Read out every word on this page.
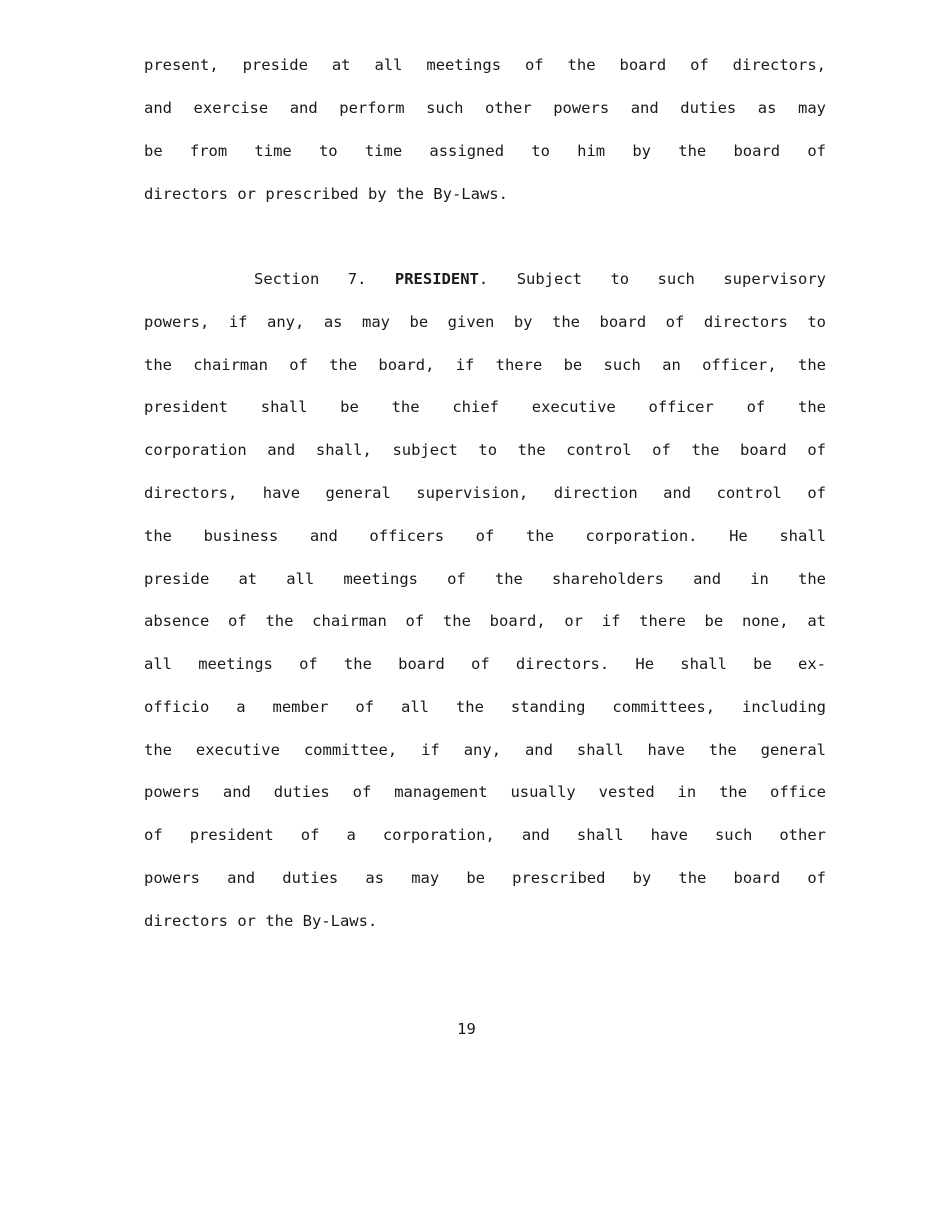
present, preside at all meetings of the board of directors,
and exercise and perform such other powers and duties as may
be from time to time assigned to him by the board of
directors or prescribed by the By-Laws.
Section 7. PRESIDENT. Subject to such supervisory
powers, if any, as may be given by the board of directors to
the chairman of the board, if there be such an officer, the
president shall be the chief executive officer of the
corporation and shall, subject to the control of the board of
directors, have general supervision, direction and control of
the business and officers of the corporation. He shall
preside at all meetings of the shareholders and in the
absence of the chairman of the board, or if there be none, at
all meetings of the board of directors. He shall be ex-
officio a member of all the standing committees, including
the executive committee, if any, and shall have the general
powers and duties of management usually vested in the office
of president of a corporation, and shall have such other
powers and duties as may be prescribed by the board of
directors or the By-Laws.
19
